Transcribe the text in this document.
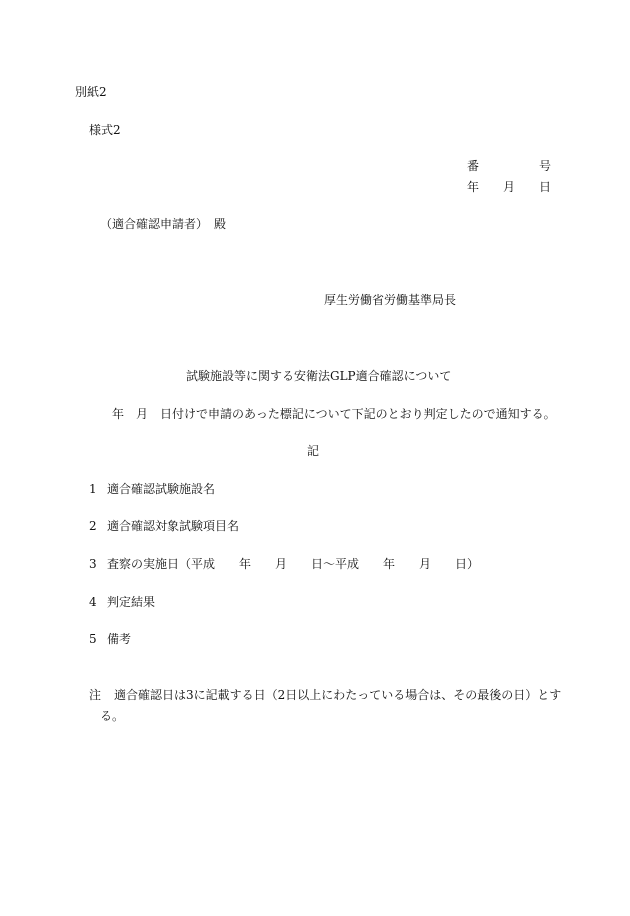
別紙2
様式2
番	号
年 月 日
（適合確認申請者）　殿
厚生労働省労働基準局長
試験施設等に関する安衛法GLP適合確認について
　年　月　日付けで申請のあった標記について下記のとおり判定したので通知する。
記
1 適合確認試験施設名
2 適合確認対象試験項目名
3 査察の実施日（平成　　年　　月　　日～平成　　年　　月　　日）
4 判定結果
5 備考
注 適合確認日は3に記載する日（2日以上にわたっている場合は、その最後の日）とす
る。
